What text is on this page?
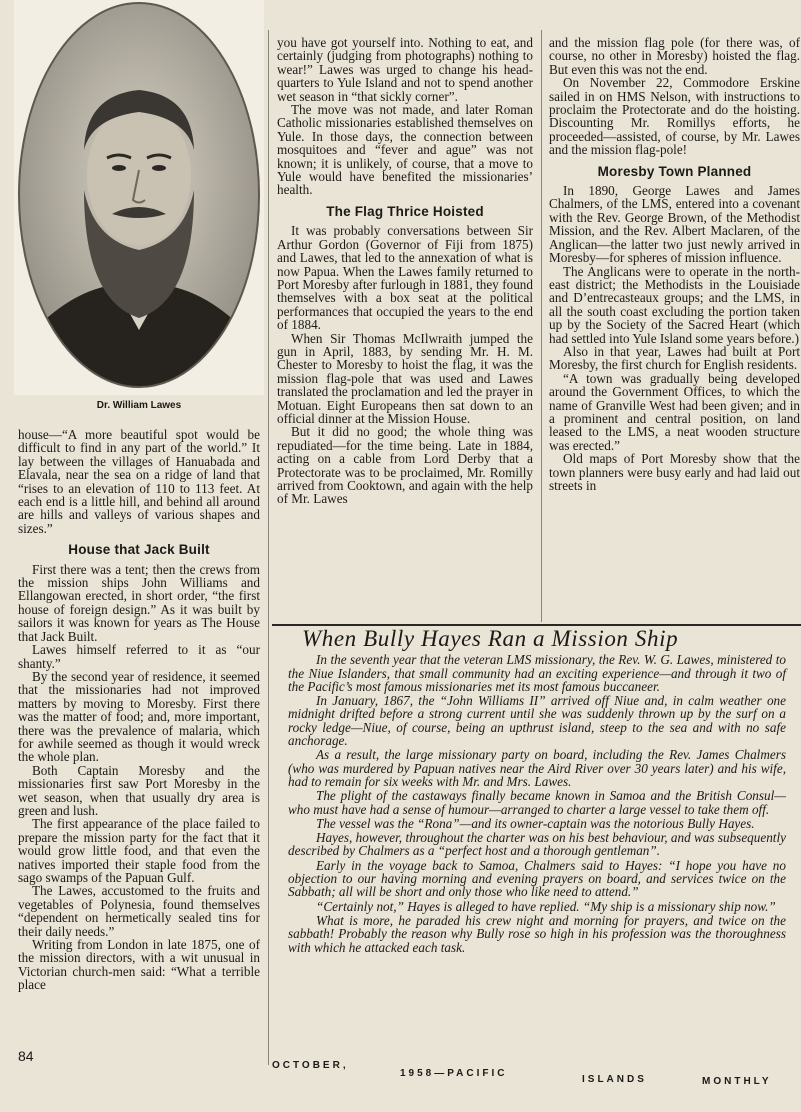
Dr. William Lawes

house—“A more beautiful spot would be difficult to find in any part of the world.” It lay between the villages of Hanuabada and Elavala, near the sea on a ridge of land that “rises to an elevation of 110 to 113 feet. At each end is a little hill, and behind all around are hills and valleys of various shapes and sizes.”

House that Jack Built

First there was a tent; then the crews from the mission ships John Williams and Ellangowan erected, in short order, “the first house of foreign design.” As it was built by sailors it was known for years as The House that Jack Built.

Lawes himself referred to it as “our shanty.”

By the second year of residence, it seemed that the missionaries had not improved matters by moving to Moresby. First there was the matter of food; and, more important, there was the prevalence of malaria, which for awhile seemed as though it would wreck the whole plan.

Both Captain Moresby and the missionaries first saw Port Moresby in the wet season, when that usually dry area is green and lush.

The first appearance of the place failed to prepare the mission party for the fact that it would grow little food, and that even the natives imported their staple food from the sago swamps of the Papuan Gulf.

The Lawes, accustomed to the fruits and vegetables of Polynesia, found themselves “dependent on hermetically sealed tins for their daily needs.”

Writing from London in late 1875, one of the mission directors, with a wit unusual in Victorian church-men said: “What a terrible place

you have got yourself into. Nothing to eat, and certainly (judging from photographs) nothing to wear!” Lawes was urged to change his head-quarters to Yule Island and not to spend another wet season in “that sickly corner”.

The move was not made, and later Roman Catholic missionaries established themselves on Yule. In those days, the connection between mosquitoes and “fever and ague” was not known; it is unlikely, of course, that a move to Yule would have benefited the missionaries’ health.

The Flag Thrice Hoisted

It was probably conversations between Sir Arthur Gordon (Governor of Fiji from 1875) and Lawes, that led to the annexation of what is now Papua. When the Lawes family returned to Port Moresby after furlough in 1881, they found themselves with a box seat at the political performances that occupied the years to the end of 1884.

When Sir Thomas McIlwraith jumped the gun in April, 1883, by sending Mr. H. M. Chester to Moresby to hoist the flag, it was the mission flag-pole that was used and Lawes translated the proclamation and led the prayer in Motuan. Eight Europeans then sat down to an official dinner at the Mission House.

But it did no good; the whole thing was repudiated—for the time being. Late in 1884, acting on a cable from Lord Derby that a Protectorate was to be proclaimed, Mr. Romilly arrived from Cooktown, and again with the help of Mr. Lawes

and the mission flag pole (for there was, of course, no other in Moresby) hoisted the flag. But even this was not the end.

On November 22, Commodore Erskine sailed in on HMS Nelson, with instructions to proclaim the Protectorate and do the hoisting. Discounting Mr. Romillys efforts, he proceeded—assisted, of course, by Mr. Lawes and the mission flag-pole!

Moresby Town Planned

In 1890, George Lawes and James Chalmers, of the LMS, entered into a covenant with the Rev. George Brown, of the Methodist Mission, and the Rev. Albert Maclaren, of the Anglican—the latter two just newly arrived in Moresby—for spheres of mission influence.

The Anglicans were to operate in the north-east district; the Methodists in the Louisiade and D’entrecasteaux groups; and the LMS, in all the south coast excluding the portion taken up by the Society of the Sacred Heart (which had settled into Yule Island some years before.)

Also in that year, Lawes had built at Port Moresby, the first church for English residents.

“A town was gradually being developed around the Government Offices, to which the name of Granville West had been given; and in a prominent and central position, on land leased to the LMS, a neat wooden structure was erected.”

Old maps of Port Moresby show that the town planners were busy early and had laid out streets in

When Bully Hayes Ran a Mission Ship

In the seventh year that the veteran LMS missionary, the Rev. W. G. Lawes, ministered to the Niue Islanders, that small community had an exciting experience—and through it two of the Pacific’s most famous missionaries met its most famous buccaneer.

In January, 1867, the “John Williams II” arrived off Niue and, in calm weather one midnight drifted before a strong current until she was suddenly thrown up by the surf on a rocky ledge—Niue, of course, being an upthrust island, steep to the sea and with no safe anchorage.

As a result, the large missionary party on board, including the Rev. James Chalmers (who was murdered by Papuan natives near the Aird River over 30 years later) and his wife, had to remain for six weeks with Mr. and Mrs. Lawes.

The plight of the castaways finally became known in Samoa and the British Consul—who must have had a sense of humour—arranged to charter a large vessel to take them off.

The vessel was the “Rona”—and its owner-captain was the notorious Bully Hayes.

Hayes, however, throughout the charter was on his best behaviour, and was subsequently described by Chalmers as a “perfect host and a thorough gentleman”.

Early in the voyage back to Samoa, Chalmers said to Hayes: “I hope you have no objection to our having morning and evening prayers on board, and services twice on the Sabbath; all will be short and only those who like need to attend.”

“Certainly not,” Hayes is alleged to have replied. “My ship is a missionary ship now.”

What is more, he paraded his crew night and morning for prayers, and twice on the sabbath! Probably the reason why Bully rose so high in his profession was the thoroughness with which he attacked each task.

84
OCTOBER,
1958—PACIFIC
ISLANDS	MONTHLY
